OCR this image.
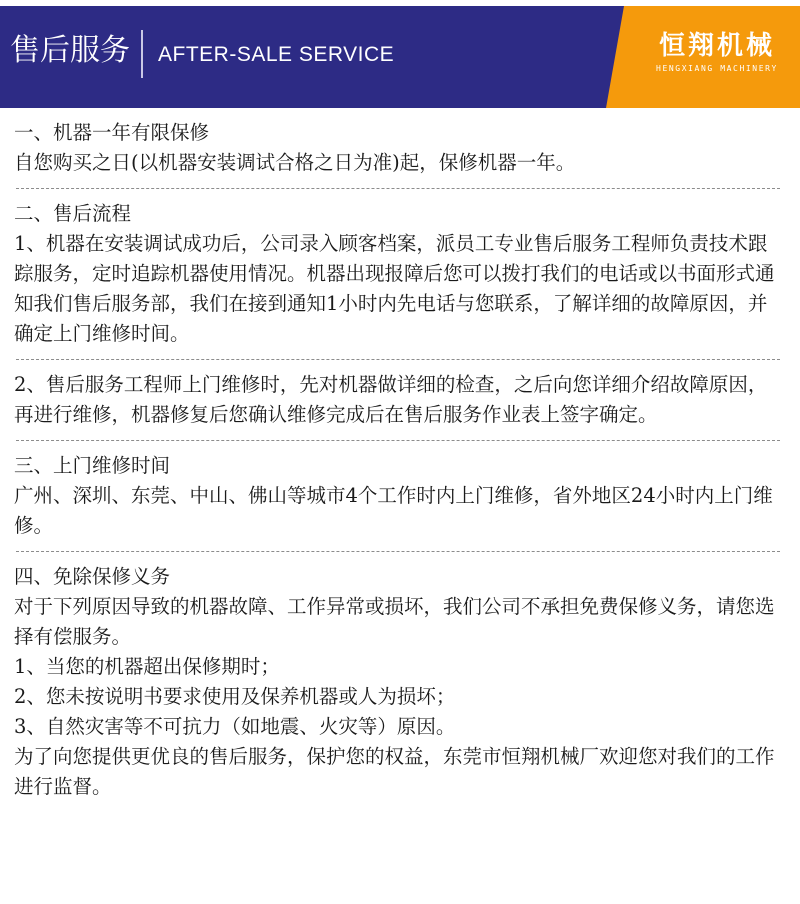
售后服务 AFTER-SALE SERVICE	恒翔机械
HENGXIANG MACHINERY

一、机器一年有限保修

自您购买之日(以机器安装调试合格之日为准)起，保修机器一年。

二、售后流程

1、机器在安装调试成功后，公司录入顾客档案，派员工专业售后服务工程师负责技术跟踪服务，定时追踪机器使用情况。机器出现报障后您可以拨打我们的电话或以书面形式通知我们售后服务部，我们在接到通知1小时内先电话与您联系，了解详细的故障原因，并确定上门维修时间。

2、售后服务工程师上门维修时，先对机器做详细的检查，之后向您详细介绍故障原因，再进行维修，机器修复后您确认维修完成后在售后服务作业表上签字确定。

三、上门维修时间

广州、深圳、东莞、中山、佛山等城市4个工作时内上门维修，省外地区24小时内上门维修。

四、免除保修义务

对于下列原因导致的机器故障、工作异常或损坏，我们公司不承担免费保修义务，请您选择有偿服务。

1、当您的机器超出保修期时；

2、您未按说明书要求使用及保养机器或人为损坏；

3、自然灾害等不可抗力（如地震、火灾等）原因。

为了向您提供更优良的售后服务，保护您的权益，东莞市恒翔机械厂欢迎您对我们的工作进行监督。
